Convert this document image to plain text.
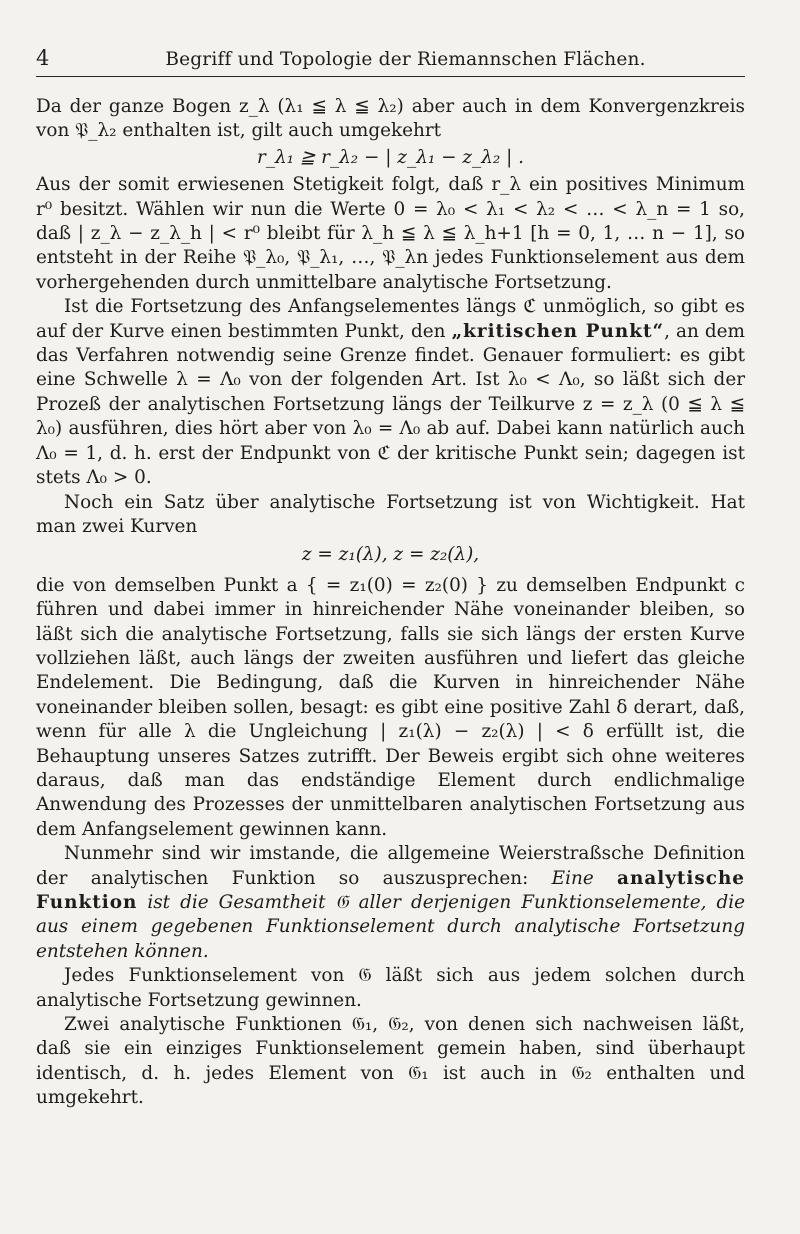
4	Begriff und Topologie der Riemannschen Flächen.

Da der ganze Bogen z_λ (λ₁ ≦ λ ≦ λ₂) aber auch in dem Konvergenzkreis von 𝔓_λ₂ enthalten ist, gilt auch umgekehrt

r_λ₁ ≧ r_λ₂ − | z_λ₁ − z_λ₂ | .

Aus der somit erwiesenen Stetigkeit folgt, daß r_λ ein positives Minimum r⁰ besitzt. Wählen wir nun die Werte 0 = λ₀ < λ₁ < λ₂ < … < λ_n = 1 so, daß | z_λ − z_λ_h | < r⁰ bleibt für λ_h ≦ λ ≦ λ_h+1 [h = 0, 1, … n − 1], so entsteht in der Reihe 𝔓_λ₀, 𝔓_λ₁, …, 𝔓_λn jedes Funktionselement aus dem vorhergehenden durch unmittelbare analytische Fortsetzung.

Ist die Fortsetzung des Anfangselementes längs ℭ unmöglich, so gibt es auf der Kurve einen bestimmten Punkt, den „kritischen Punkt“, an dem das Verfahren notwendig seine Grenze findet. Genauer formuliert: es gibt eine Schwelle λ = Λ₀ von der folgenden Art. Ist λ₀ < Λ₀, so läßt sich der Prozeß der analytischen Fortsetzung längs der Teilkurve z = z_λ (0 ≦ λ ≦ λ₀) ausführen, dies hört aber von λ₀ = Λ₀ ab auf. Dabei kann natürlich auch Λ₀ = 1, d. h. erst der Endpunkt von ℭ der kritische Punkt sein; dagegen ist stets Λ₀ > 0.

Noch ein Satz über analytische Fortsetzung ist von Wichtigkeit. Hat man zwei Kurven

z = z₁(λ), z = z₂(λ),

die von demselben Punkt a { = z₁(0) = z₂(0) } zu demselben Endpunkt c führen und dabei immer in hinreichender Nähe voneinander bleiben, so läßt sich die analytische Fortsetzung, falls sie sich längs der ersten Kurve vollziehen läßt, auch längs der zweiten ausführen und liefert das gleiche Endelement. Die Bedingung, daß die Kurven in hinreichender Nähe voneinander bleiben sollen, besagt: es gibt eine positive Zahl δ derart, daß, wenn für alle λ die Ungleichung | z₁(λ) − z₂(λ) | < δ erfüllt ist, die Behauptung unseres Satzes zutrifft. Der Beweis ergibt sich ohne weiteres daraus, daß man das endständige Element durch endlichmalige Anwendung des Prozesses der unmittelbaren analytischen Fortsetzung aus dem Anfangselement gewinnen kann.

Nunmehr sind wir imstande, die allgemeine Weierstraßsche Definition der analytischen Funktion so auszusprechen: Eine analytische Funktion ist die Gesamtheit 𝔊 aller derjenigen Funktionselemente, die aus einem gegebenen Funktionselement durch analytische Fortsetzung entstehen können.

Jedes Funktionselement von 𝔊 läßt sich aus jedem solchen durch analytische Fortsetzung gewinnen.

Zwei analytische Funktionen 𝔊₁, 𝔊₂, von denen sich nachweisen läßt, daß sie ein einziges Funktionselement gemein haben, sind überhaupt identisch, d. h. jedes Element von 𝔊₁ ist auch in 𝔊₂ enthalten und umgekehrt.
